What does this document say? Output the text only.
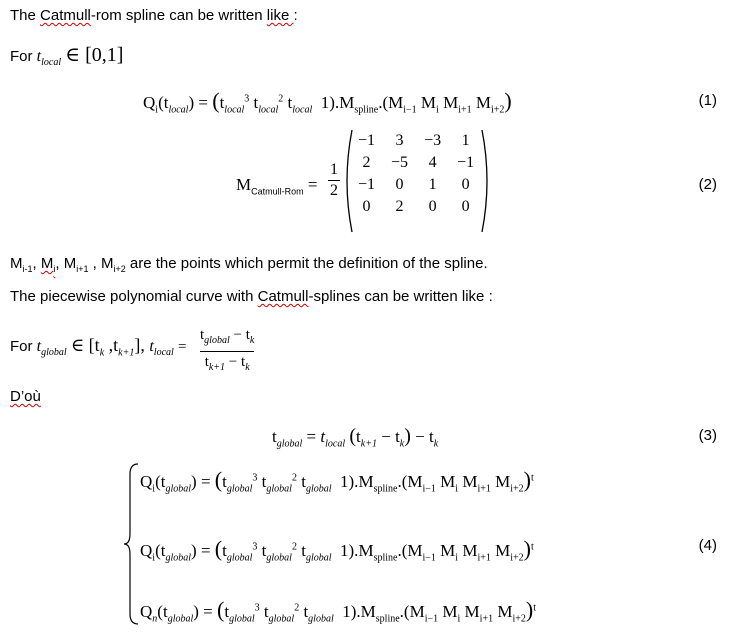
The Catmull-rom spline can be written like :
For $t_{local}$ ∈ [0,1]
$Q_i(t_{local}) = (t_{local}^3$ $t_{local}^2$ $t_{local}$ $1).M_{spline}.(M_{i-1}$ $M_i$ $M_{i+1}$ $M_{i+2}$)	(1)
$M_{Catmull-Rom} = \frac{1}{2}$
−1	3	−3	1
2	−5	4	−1
−1	0	1	0
0	2	0	0
(2)
$M_{i-1}$, $M_i$, $M_{i+1}$ , $M_{i+2}$ are the points which permit the definition of the spline.
The piecewise polynomial curve with Catmull-splines can be written like :
For $t_{global}$ ∈ [$t_k$ $,t_{k+1}$], $t_{local}$ =
$t_{global} - t_k$
$t_{k+1} - t_k$
D’où
$t_{global} = t_{local}$ $(t_{k+1} - t_k) - t_k$	(3)
$Q_i(t_{global}) = (t_{global}^3$ $t_{global}^2$ $t_{global}$ $1).M_{spline}.(M_{i-1}$ $M_i$ $M_{i+1}$ $M_{i+2})^t$
$Q_i(t_{global}) = (t_{global}^3$ $t_{global}^2$ $t_{global}$ $1).M_{spline}.(M_{i-1}$ $M_i$ $M_{i+1}$ $M_{i+2})^t$	(4)
$Q_n(t_{global}) = (t_{global}^3$ $t_{global}^2$ $t_{global}$ $1).M_{spline}.(M_{i-1}$ $M_i$ $M_{i+1}$ $M_{i+2})^t$
